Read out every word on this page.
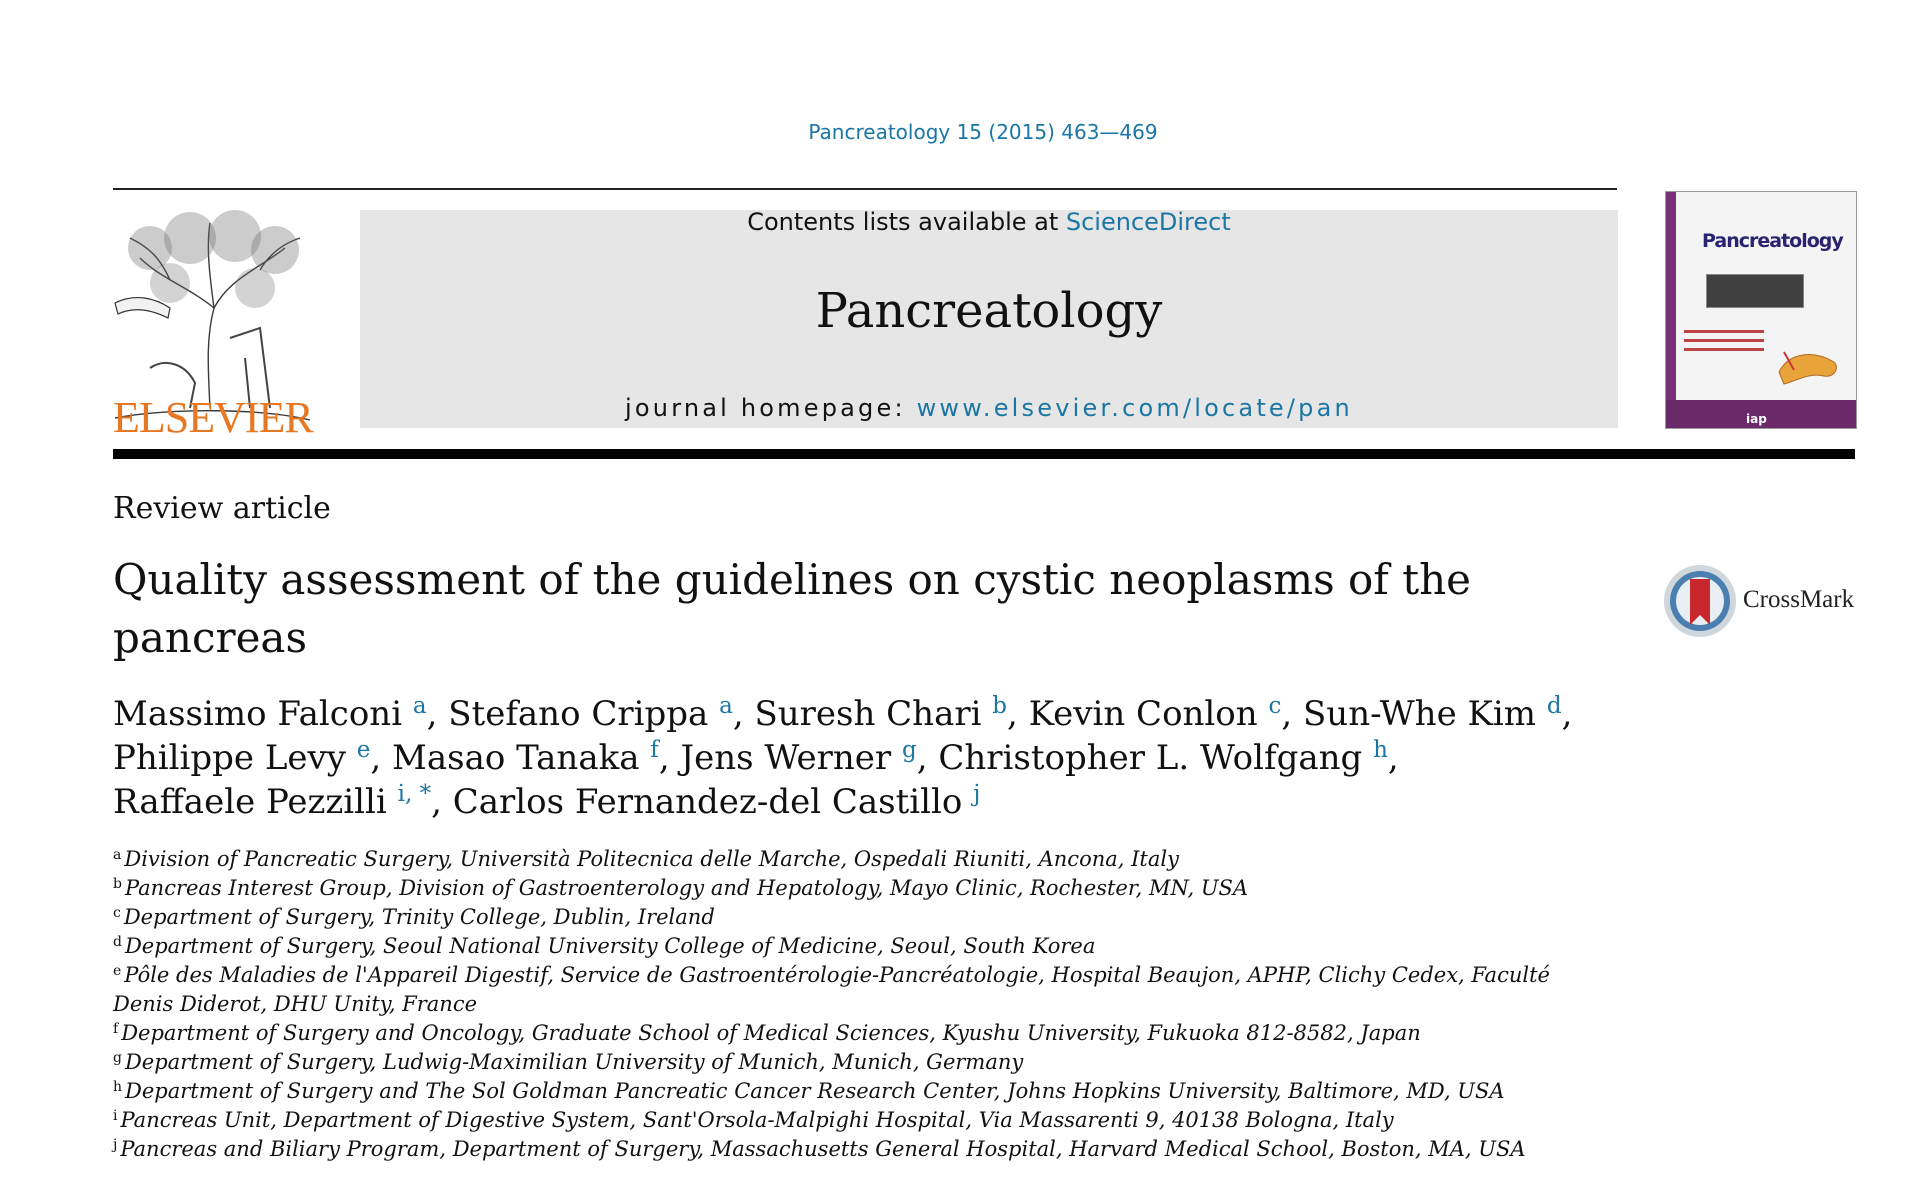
Pancreatology 15 (2015) 463—469
ELSEVIER
Contents lists available at ScienceDirect
Pancreatology
journal homepage: www.elsevier.com/locate/pan
Pancreatology
iap
Review article
Quality assessment of the guidelines on cystic neoplasms of the pancreas
CrossMark
Massimo Falconi $^a$, Stefano Crippa $^a$, Suresh Chari $^b$, Kevin Conlon $^c$, Sun-Whe Kim $^d$,
Philippe Levy $^e$, Masao Tanaka $^f$, Jens Werner $^g$, Christopher L. Wolfgang $^h$,
Raffaele Pezzilli $^{i, *}$, Carlos Fernandez-del Castillo $^j$
$^a$ Division of Pancreatic Surgery, Università Politecnica delle Marche, Ospedali Riuniti, Ancona, Italy
$^b$ Pancreas Interest Group, Division of Gastroenterology and Hepatology, Mayo Clinic, Rochester, MN, USA
$^c$ Department of Surgery, Trinity College, Dublin, Ireland
$^d$ Department of Surgery, Seoul National University College of Medicine, Seoul, South Korea
$^e$ Pôle des Maladies de l'Appareil Digestif, Service de Gastroentérologie-Pancréatologie, Hospital Beaujon, APHP, Clichy Cedex, Faculté Denis Diderot, DHU Unity, France
$^f$ Department of Surgery and Oncology, Graduate School of Medical Sciences, Kyushu University, Fukuoka 812-8582, Japan
$^g$ Department of Surgery, Ludwig-Maximilian University of Munich, Munich, Germany
$^h$ Department of Surgery and The Sol Goldman Pancreatic Cancer Research Center, Johns Hopkins University, Baltimore, MD, USA
$^i$ Pancreas Unit, Department of Digestive System, Sant'Orsola-Malpighi Hospital, Via Massarenti 9, 40138 Bologna, Italy
$^j$ Pancreas and Biliary Program, Department of Surgery, Massachusetts General Hospital, Harvard Medical School, Boston, MA, USA
